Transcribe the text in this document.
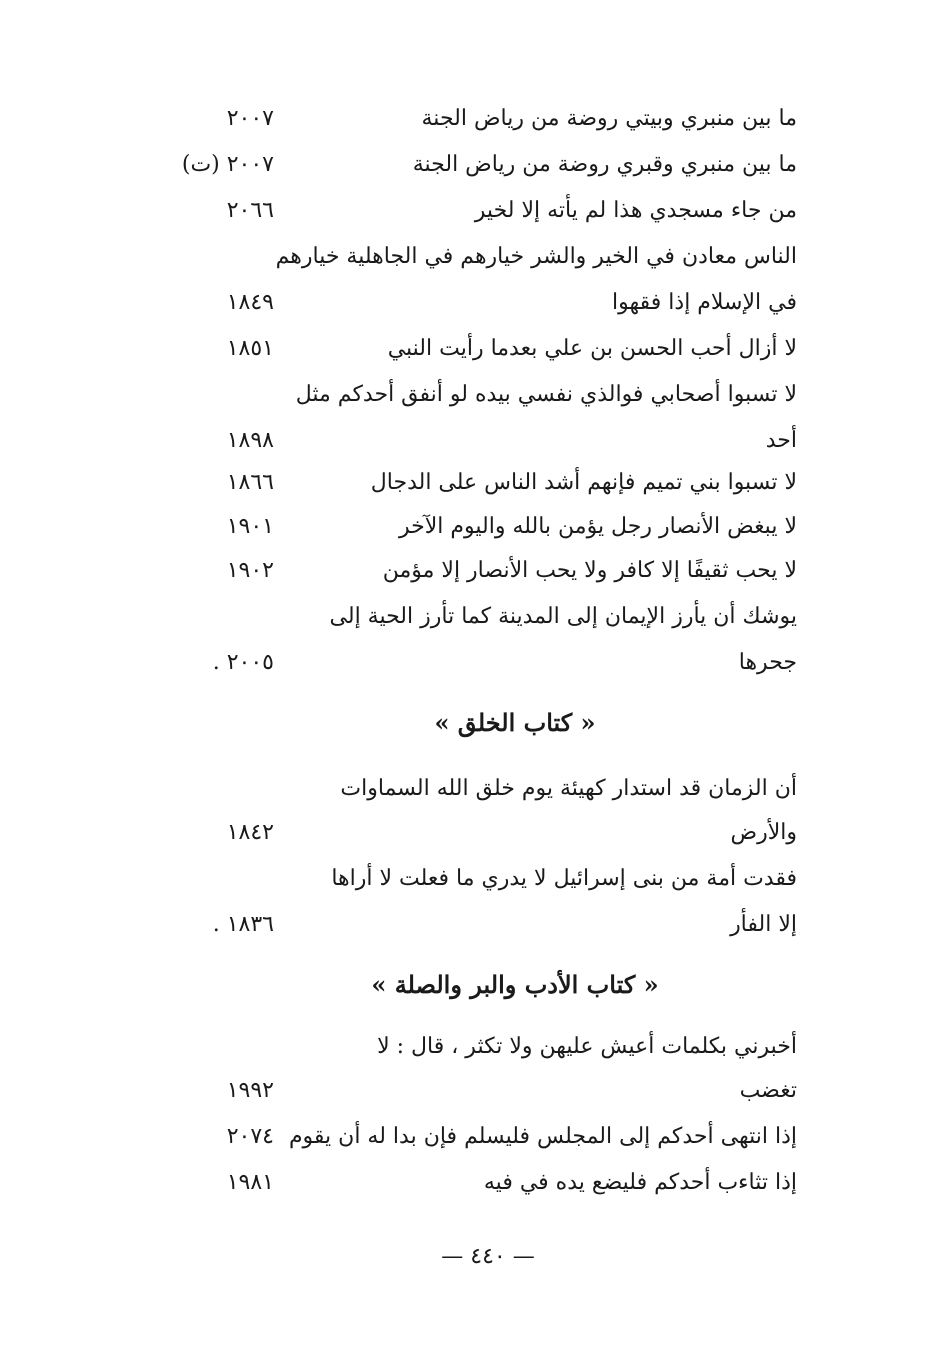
ما بين منبري وبيتي روضة من رياض الجنة
٢٠٠٧
ما بين منبري وقبري روضة من رياض الجنة
٢٠٠٧ (ت)
من جاء مسجدي هذا لم يأته إلا لخير
٢٠٦٦
الناس معادن في الخير والشر خيارهم في الجاهلية خيارهم
في الإسلام إذا فقهوا
١٨٤٩
لا أزال أحب الحسن بن علي بعدما رأيت النبي
١٨٥١
لا تسبوا أصحابي فوالذي نفسي بيده لو أنفق أحدكم مثل
أحد
١٨٩٨
لا تسبوا بني تميم فإنهم أشد الناس على الدجال
١٨٦٦
لا يبغض الأنصار رجل يؤمن بالله واليوم الآخر
١٩٠١
لا يحب ثقيفًا إلا كافر ولا يحب الأنصار إلا مؤمن
١٩٠٢
يوشك أن يأرز الإيمان إلى المدينة كما تأرز الحية إلى
جحرها
٢٠٠٥ .
« كتاب الخلق »
أن الزمان قد استدار كهيئة يوم خلق الله السماوات
والأرض
١٨٤٢
فقدت أمة من بنى إسرائيل لا يدري ما فعلت لا أراها
إلا الفأر
١٨٣٦ .
« كتاب الأدب والبر والصلة »
أخبرني بكلمات أعيش عليهن ولا تكثر ، قال : لا
تغضب
١٩٩٢
إذا انتهى أحدكم إلى المجلس فليسلم فإن بدا له أن يقوم
٢٠٧٤
إذا تثاءب أحدكم فليضع يده في فيه
١٩٨١
— ٤٤٠ —
